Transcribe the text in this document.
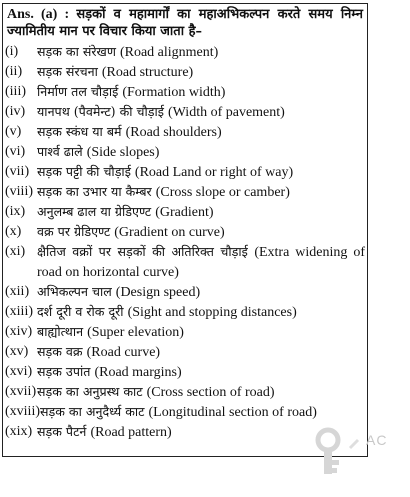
Ans. (a) : सड़कों व महामार्गों का महाअभिकल्पन करते समय निम्न ज्यामितीय मान पर विचार किया जाता है–
(i)	सड़क का संरेखण (Road alignment)
(ii)	सड़क संरचना (Road structure)
(iii) निर्माण तल चौड़ाई (Formation width)
(iv) यानपथ (पैवमेन्ट) की चौड़ाई (Width of pavement)
(v)	सड़क स्कंध या बर्म (Road shoulders)
(vi) पार्श्व ढाले (Side slopes)
(vii) सड़क पट्टी की चौड़ाई (Road Land or right of way)
(viii) सड़क का उभार या कैम्बर (Cross slope or camber)
(ix) अनुलम्ब ढाल या ग्रेडिएण्ट (Gradient)
(x)	वक्र पर ग्रेडिएण्ट (Gradient on curve)
(xi) क्षैतिज वक्रों पर सड़कों की अतिरिक्त चौड़ाई (Extra widening of road on horizontal curve)
(xii) अभिकल्पन चाल (Design speed)
(xiii) दर्श दूरी व रोक दूरी (Sight and stopping distances)
(xiv) बाह्योत्थान (Super elevation)
(xv) सड़क वक्र (Road curve)
(xvi) सड़क उपांत (Road margins)
(xvii) सड़क का अनुप्रस्थ काट (Cross section of road)
(xviii) सड़क का अनुदैर्ध्य काट (Longitudinal section of road)
(xix) सड़क पैटर्न (Road pattern)	AC
